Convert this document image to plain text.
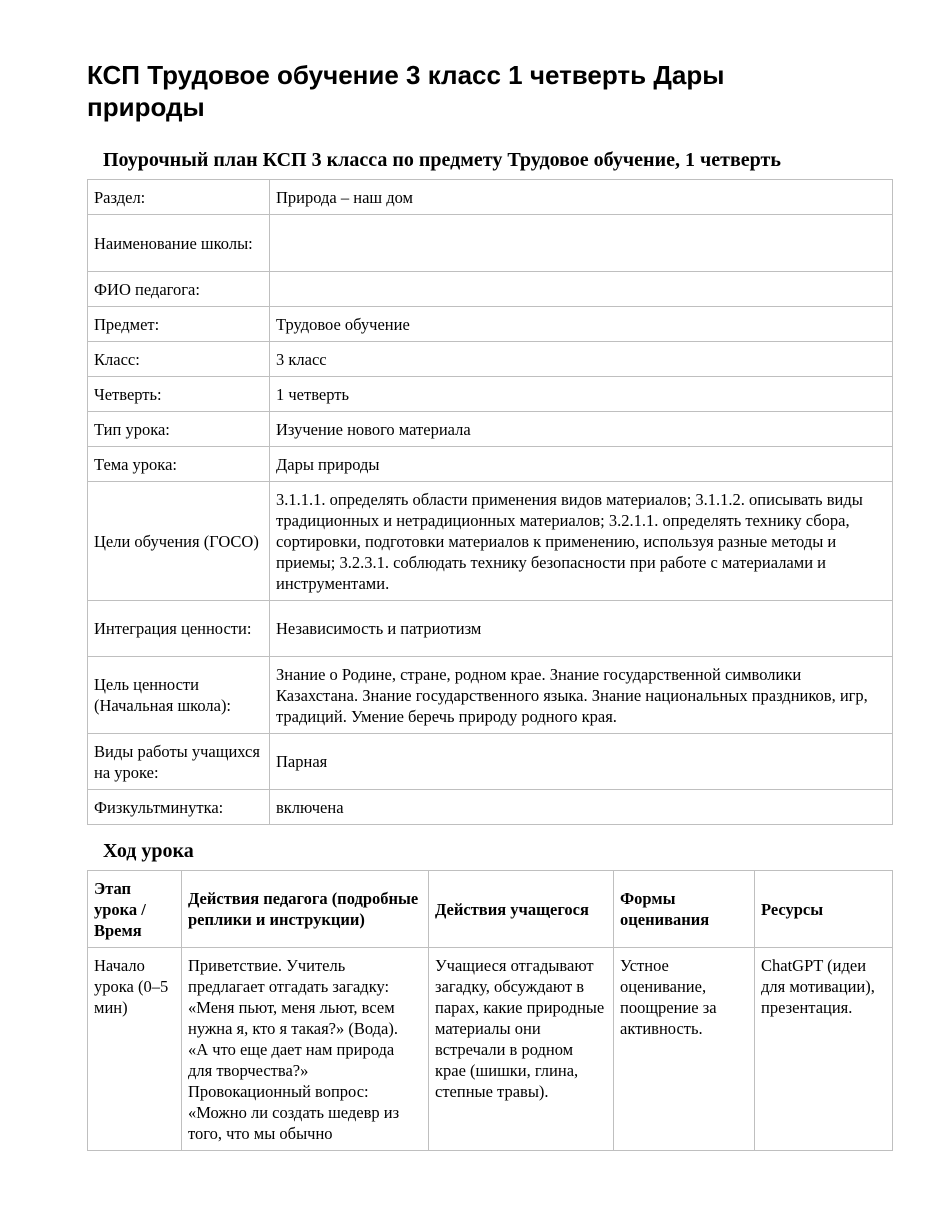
КСП Трудовое обучение 3 класс 1 четверть Дары природы
Поурочный план КСП 3 класса по предмету Трудовое обучение, 1 четверть
Раздел:	Природа – наш дом
Наименование школы:	
ФИО педагога:	
Предмет:	Трудовое обучение
Класс:	3 класс
Четверть:	1 четверть
Тип урока:	Изучение нового материала
Тема урока:	Дары природы
Цели обучения (ГОСО)	3.1.1.1. определять области применения видов материалов; 3.1.1.2. описывать виды традиционных и нетрадиционных материалов; 3.2.1.1. определять технику сбора, сортировки, подготовки материалов к применению, используя разные методы и приемы; 3.2.3.1. соблюдать технику безопасности при работе с материалами и инструментами.
Интеграция ценности:	Независимость и патриотизм
Цель ценности (Начальная школа):	Знание о Родине, стране, родном крае. Знание государственной символики Казахстана. Знание государственного языка. Знание национальных праздников, игр, традиций. Умение беречь природу родного края.
Виды работы учащихся на уроке:	Парная
Физкультминутка:	включена
Ход урока
Этап урока / Время	Действия педагога (подробные реплики и инструкции)	Действия учащегося	Формы оценивания	Ресурсы
Начало урока (0–5 мин)	Приветствие. Учитель предлагает отгадать загадку: «Меня пьют, меня льют, всем нужна я, кто я такая?» (Вода). «А что еще дает нам природа для творчества?» Провокационный вопрос: «Можно ли создать шедевр из того, что мы обычно	Учащиеся отгадывают загадку, обсуждают в парах, какие природные материалы они встречали в родном крае (шишки, глина, степные травы).	Устное оценивание, поощрение за активность.	ChatGPT (идеи для мотивации), презентация.
